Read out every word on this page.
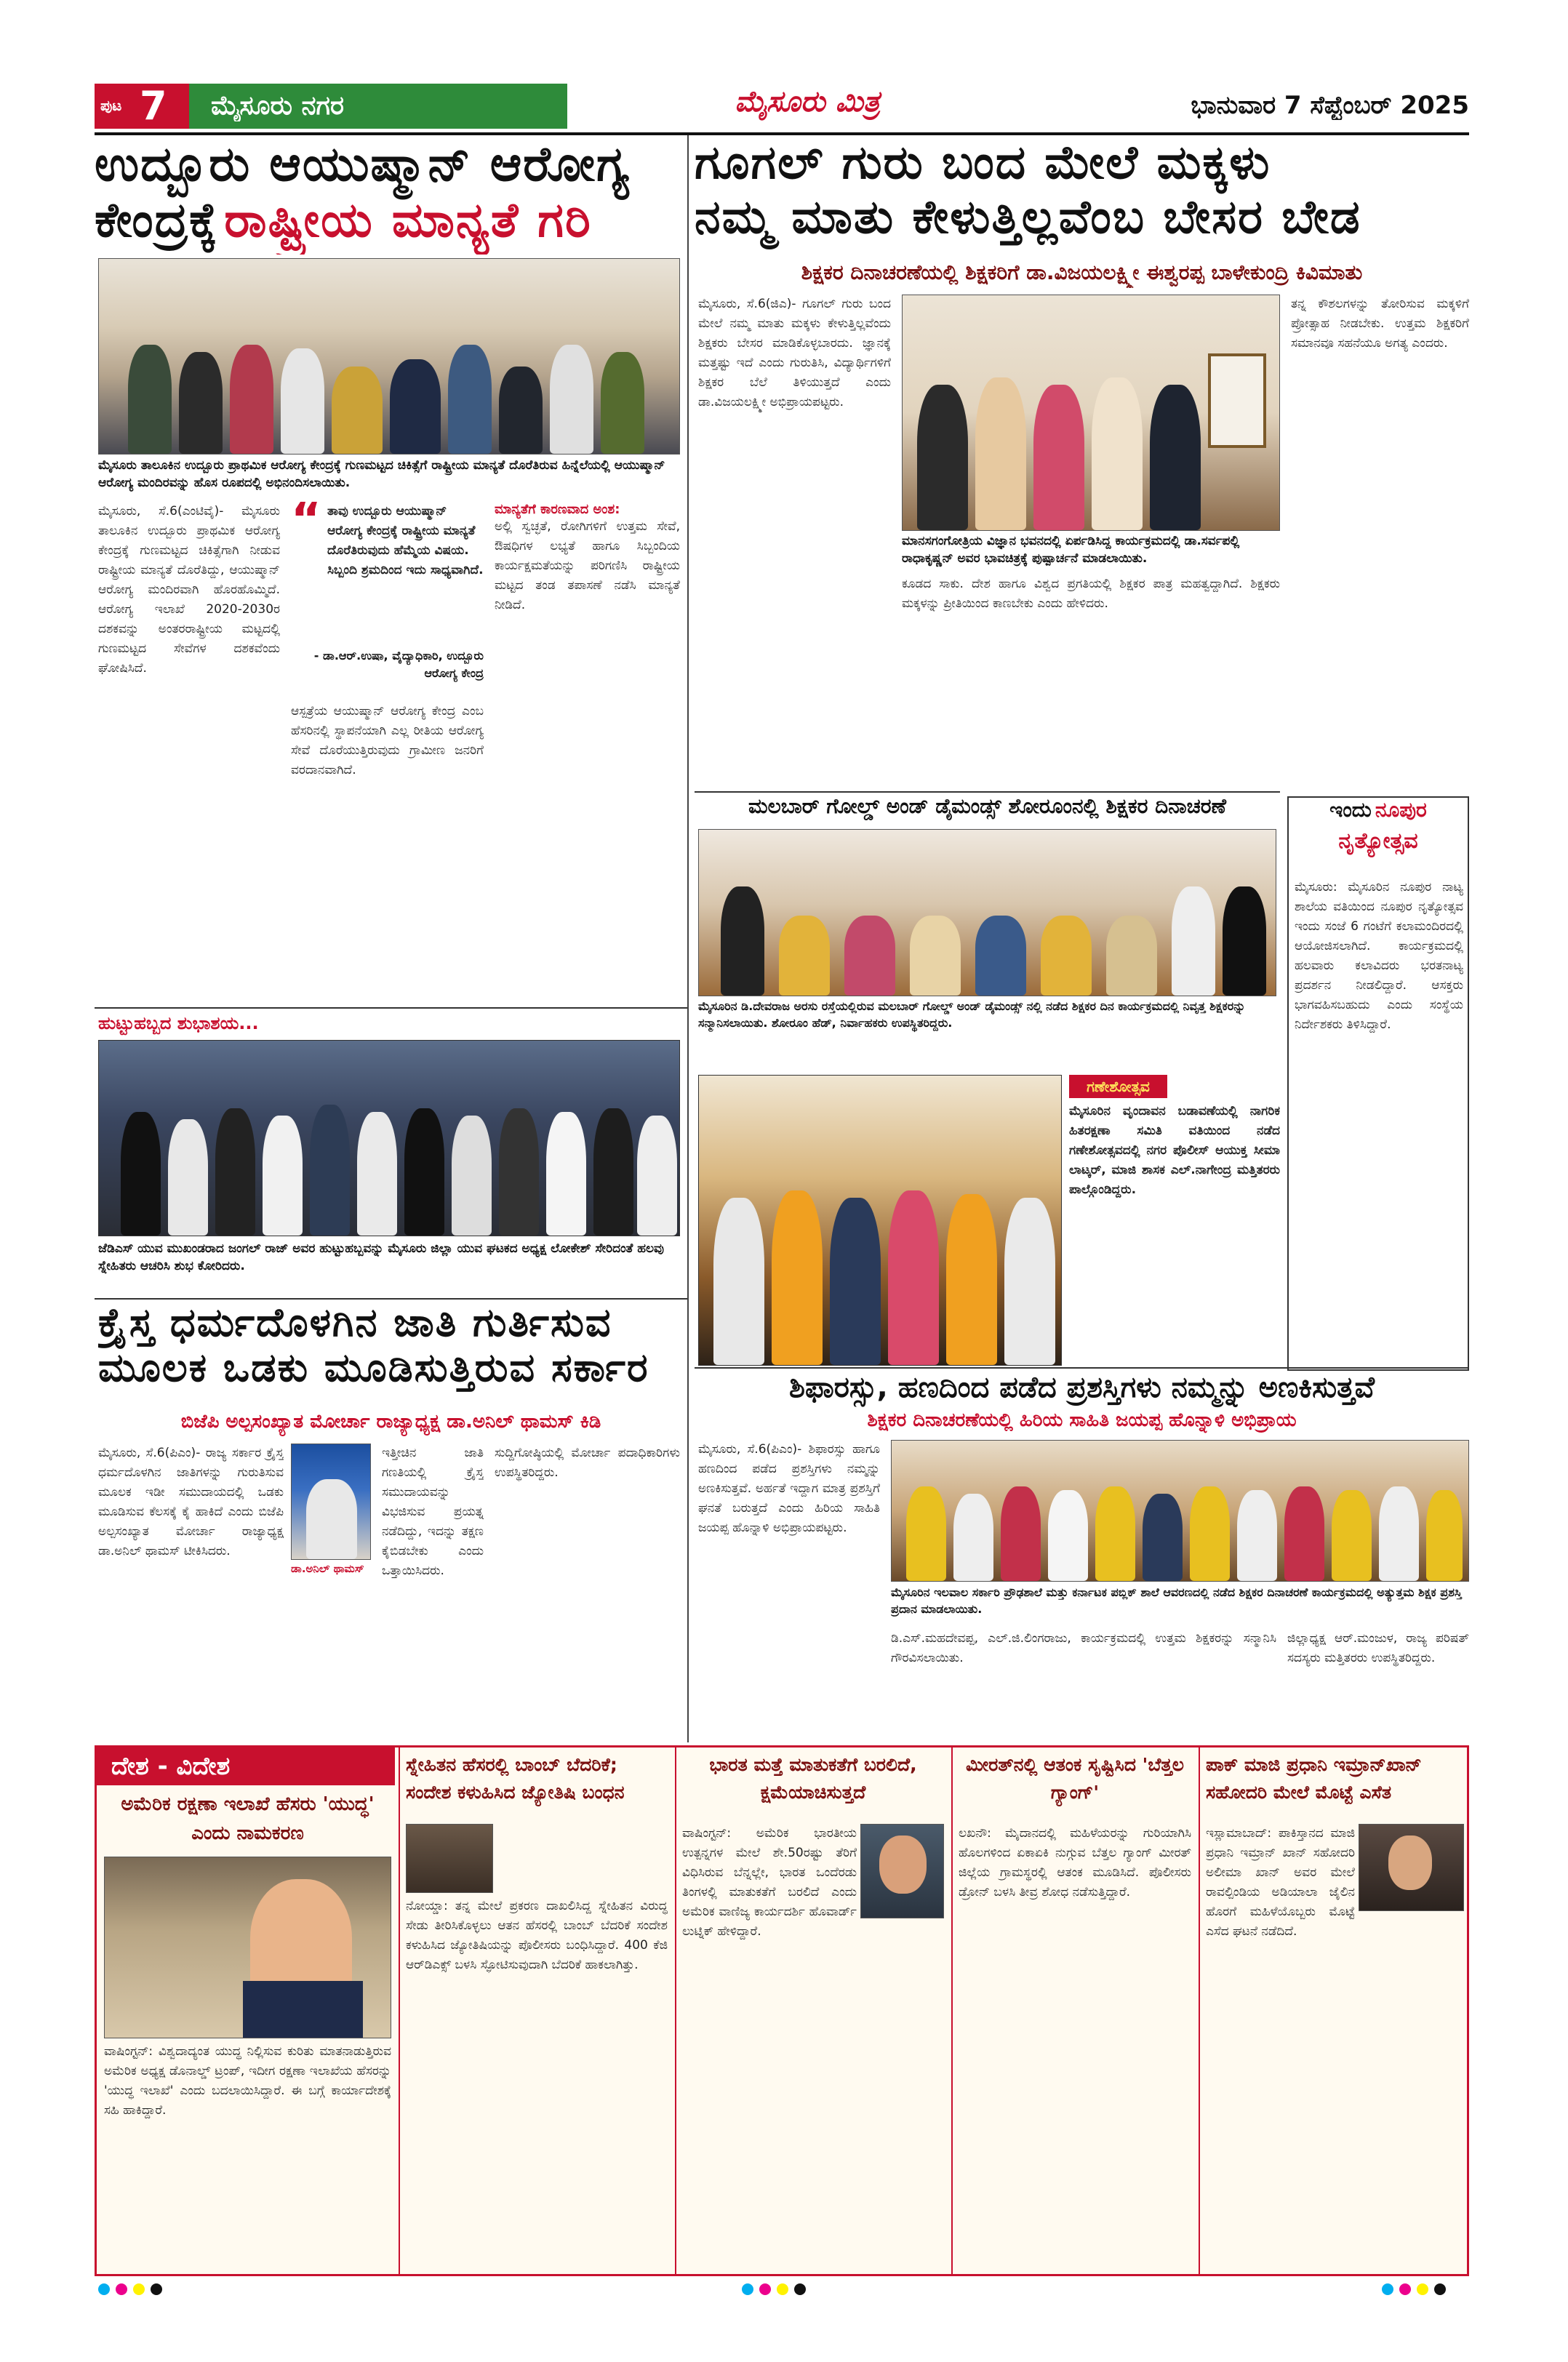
ಪುಟ 7 ಮೈಸೂರು ನಗರ	ಮೈಸೂರು ಮಿತ್ರ	ಭಾನುವಾರ 7 ಸೆಪ್ಟೆಂಬರ್ 2025
ಉದ್ಬೂರು ಆಯುಷ್ಮಾನ್ ಆರೋಗ್ಯ
ಕೇಂದ್ರಕ್ಕೆ ರಾಷ್ಟ್ರೀಯ ಮಾನ್ಯತೆ ಗರಿ
ಮೈಸೂರು ತಾಲೂಕಿನ ಉದ್ಬೂರು ಪ್ರಾಥಮಿಕ ಆರೋಗ್ಯ ಕೇಂದ್ರಕ್ಕೆ ಗುಣಮಟ್ಟದ ಚಿಕಿತ್ಸೆಗೆ ರಾಷ್ಟ್ರೀಯ ಮಾನ್ಯತೆ ದೊರೆತಿರುವ ಹಿನ್ನೆಲೆಯಲ್ಲಿ ಆಯುಷ್ಮಾನ್ ಆರೋಗ್ಯ ಮಂದಿರವನ್ನು ಹೊಸ ರೂಪದಲ್ಲಿ ಅಭಿನಂದಿಸಲಾಯಿತು.
ಮೈಸೂರು, ಸೆ.6(ಎಂಟಿವೈ)- ಮೈಸೂರು ತಾಲೂಕಿನ ಉದ್ಬೂರು ಪ್ರಾಥಮಿಕ ಆರೋಗ್ಯ ಕೇಂದ್ರಕ್ಕೆ ಗುಣಮಟ್ಟದ ಚಿಕಿತ್ಸೆಗಾಗಿ ನೀಡುವ ರಾಷ್ಟ್ರೀಯ ಮಾನ್ಯತೆ ದೊರೆತಿದ್ದು, ಆಯುಷ್ಮಾನ್ ಆರೋಗ್ಯ ಮಂದಿರವಾಗಿ ಹೊರಹೊಮ್ಮಿದೆ. ಆರೋಗ್ಯ ಇಲಾಖೆ 2020-2030ರ ದಶಕವನ್ನು ಅಂತರರಾಷ್ಟ್ರೀಯ ಮಟ್ಟದಲ್ಲಿ ಗುಣಮಟ್ಟದ ಸೇವೆಗಳ ದಶಕವೆಂದು ಘೋಷಿಸಿದೆ.
“ ತಾವು ಉದ್ಬೂರು ಆಯುಷ್ಮಾನ್ ಆರೋಗ್ಯ ಕೇಂದ್ರಕ್ಕೆ ರಾಷ್ಟ್ರೀಯ ಮಾನ್ಯತೆ ದೊರೆತಿರುವುದು ಹೆಮ್ಮೆಯ ವಿಷಯ. ಸಿಬ್ಬಂದಿ ಶ್ರಮದಿಂದ ಇದು ಸಾಧ್ಯವಾಗಿದೆ.
- ಡಾ.ಆರ್.ಉಷಾ, ವೈದ್ಯಾಧಿಕಾರಿ, ಉದ್ಬೂರು ಆರೋಗ್ಯ ಕೇಂದ್ರ
ಆಸ್ಪತ್ರೆಯ ಆಯುಷ್ಮಾನ್ ಆರೋಗ್ಯ ಕೇಂದ್ರ ಎಂಬ ಹೆಸರಿನಲ್ಲಿ ಸ್ಥಾಪನೆಯಾಗಿ ಎಲ್ಲ ರೀತಿಯ ಆರೋಗ್ಯ ಸೇವೆ ದೊರೆಯುತ್ತಿರುವುದು ಗ್ರಾಮೀಣ ಜನರಿಗೆ ವರದಾನವಾಗಿದೆ.
ಮಾನ್ಯತೆಗೆ ಕಾರಣವಾದ ಅಂಶ:
ಅಲ್ಲಿ ಸ್ವಚ್ಛತೆ, ರೋಗಿಗಳಿಗೆ ಉತ್ತಮ ಸೇವೆ, ಔಷಧಿಗಳ ಲಭ್ಯತೆ ಹಾಗೂ ಸಿಬ್ಬಂದಿಯ ಕಾರ್ಯಕ್ಷಮತೆಯನ್ನು ಪರಿಗಣಿಸಿ ರಾಷ್ಟ್ರೀಯ ಮಟ್ಟದ ತಂಡ ತಪಾಸಣೆ ನಡೆಸಿ ಮಾನ್ಯತೆ ನೀಡಿದೆ.
ಹುಟ್ಟುಹಬ್ಬದ ಶುಭಾಶಯ...
ಜೆಡಿಎಸ್ ಯುವ ಮುಖಂಡರಾದ ಜಂಗಲ್ ರಾಜ್ ಅವರ ಹುಟ್ಟುಹಬ್ಬವನ್ನು ಮೈಸೂರು ಜಿಲ್ಲಾ ಯುವ ಘಟಕದ ಅಧ್ಯಕ್ಷ ಲೋಕೇಶ್ ಸೇರಿದಂತೆ ಹಲವು ಸ್ನೇಹಿತರು ಆಚರಿಸಿ ಶುಭ ಕೋರಿದರು.
ಕ್ರೈಸ್ತ ಧರ್ಮದೊಳಗಿನ ಜಾತಿ ಗುರ್ತಿಸುವ
ಮೂಲಕ ಒಡಕು ಮೂಡಿಸುತ್ತಿರುವ ಸರ್ಕಾರ
ಬಿಜೆಪಿ ಅಲ್ಪಸಂಖ್ಯಾತ ಮೋರ್ಚಾ ರಾಜ್ಯಾಧ್ಯಕ್ಷ ಡಾ.ಅನಿಲ್ ಥಾಮಸ್ ಕಿಡಿ
ಮೈಸೂರು, ಸೆ.6(ಪಿಎಂ)- ರಾಜ್ಯ ಸರ್ಕಾರ ಕ್ರೈಸ್ತ ಧರ್ಮದೊಳಗಿನ ಜಾತಿಗಳನ್ನು ಗುರುತಿಸುವ ಮೂಲಕ ಇಡೀ ಸಮುದಾಯದಲ್ಲಿ ಒಡಕು ಮೂಡಿಸುವ ಕೆಲಸಕ್ಕೆ ಕೈ ಹಾಕಿದೆ ಎಂದು ಬಿಜೆಪಿ ಅಲ್ಪಸಂಖ್ಯಾತ ಮೋರ್ಚಾ ರಾಜ್ಯಾಧ್ಯಕ್ಷ ಡಾ.ಅನಿಲ್ ಥಾಮಸ್ ಟೀಕಿಸಿದರು.
ಡಾ.ಅನಿಲ್ ಥಾಮಸ್
ಇತ್ತೀಚಿನ ಜಾತಿ ಗಣತಿಯಲ್ಲಿ ಕ್ರೈಸ್ತ ಸಮುದಾಯವನ್ನು ವಿಭಜಿಸುವ ಪ್ರಯತ್ನ ನಡೆದಿದ್ದು, ಇದನ್ನು ತಕ್ಷಣ ಕೈಬಿಡಬೇಕು ಎಂದು ಒತ್ತಾಯಿಸಿದರು.
ಸುದ್ದಿಗೋಷ್ಠಿಯಲ್ಲಿ ಮೋರ್ಚಾ ಪದಾಧಿಕಾರಿಗಳು ಉಪಸ್ಥಿತರಿದ್ದರು.
ಗೂಗಲ್ ಗುರು ಬಂದ ಮೇಲೆ ಮಕ್ಕಳು
ನಮ್ಮ ಮಾತು ಕೇಳುತ್ತಿಲ್ಲವೆಂಬ ಬೇಸರ ಬೇಡ
ಶಿಕ್ಷಕರ ದಿನಾಚರಣೆಯಲ್ಲಿ ಶಿಕ್ಷಕರಿಗೆ ಡಾ.ವಿಜಯಲಕ್ಷ್ಮೀ ಈಶ್ವರಪ್ಪ ಬಾಳೇಕುಂದ್ರಿ ಕಿವಿಮಾತು
ಮೈಸೂರು, ಸೆ.6(ಜಿಎ)- ಗೂಗಲ್ ಗುರು ಬಂದ ಮೇಲೆ ನಮ್ಮ ಮಾತು ಮಕ್ಕಳು ಕೇಳುತ್ತಿಲ್ಲವೆಂದು ಶಿಕ್ಷಕರು ಬೇಸರ ಮಾಡಿಕೊಳ್ಳಬಾರದು. ಜ್ಞಾನಕ್ಕೆ ಮತ್ತಷ್ಟು ಇದೆ ಎಂದು ಗುರುತಿಸಿ, ವಿದ್ಯಾರ್ಥಿಗಳಿಗೆ ಶಿಕ್ಷಕರ ಬೆಲೆ ತಿಳಿಯುತ್ತದೆ ಎಂದು ಡಾ.ವಿಜಯಲಕ್ಷ್ಮೀ ಅಭಿಪ್ರಾಯಪಟ್ಟರು.
ಮಾನಸಗಂಗೋತ್ರಿಯ ವಿಜ್ಞಾನ ಭವನದಲ್ಲಿ ಏರ್ಪಡಿಸಿದ್ದ ಕಾರ್ಯಕ್ರಮದಲ್ಲಿ ಡಾ.ಸರ್ವಪಲ್ಲಿ ರಾಧಾಕೃಷ್ಣನ್ ಅವರ ಭಾವಚಿತ್ರಕ್ಕೆ ಪುಷ್ಪಾರ್ಚನೆ ಮಾಡಲಾಯಿತು.
ಕೂಡದ ಸಾಕು. ದೇಶ ಹಾಗೂ ವಿಶ್ವದ ಪ್ರಗತಿಯಲ್ಲಿ ಶಿಕ್ಷಕರ ಪಾತ್ರ ಮಹತ್ವದ್ದಾಗಿದೆ. ಶಿಕ್ಷಕರು ಮಕ್ಕಳನ್ನು ಪ್ರೀತಿಯಿಂದ ಕಾಣಬೇಕು ಎಂದು ಹೇಳಿದರು.
ತನ್ನ ಕೌಶಲಗಳನ್ನು ತೋರಿಸುವ ಮಕ್ಕಳಿಗೆ ಪ್ರೋತ್ಸಾಹ ನೀಡಬೇಕು. ಉತ್ತಮ ಶಿಕ್ಷಕರಿಗೆ ಸಮಾನವೂ ಸಹನೆಯೂ ಅಗತ್ಯ ಎಂದರು.
ಮಲಬಾರ್ ಗೋಲ್ಡ್ ಅಂಡ್ ಡೈಮಂಡ್ಸ್ ಶೋರೂಂನಲ್ಲಿ ಶಿಕ್ಷಕರ ದಿನಾಚರಣೆ
ಮೈಸೂರಿನ ಡಿ.ದೇವರಾಜ ಅರಸು ರಸ್ತೆಯಲ್ಲಿರುವ ಮಲಬಾರ್ ಗೋಲ್ಡ್ ಅಂಡ್ ಡೈಮಂಡ್ಸ್ ನಲ್ಲಿ ನಡೆದ ಶಿಕ್ಷಕರ ದಿನ ಕಾರ್ಯಕ್ರಮದಲ್ಲಿ ನಿವೃತ್ತ ಶಿಕ್ಷಕರನ್ನು ಸನ್ಮಾನಿಸಲಾಯಿತು. ಶೋರೂಂ ಹೆಡ್, ನಿರ್ವಾಹಕರು ಉಪಸ್ಥಿತರಿದ್ದರು.
ಇಂದು ನೂಪುರ
ನೃತ್ಯೋತ್ಸವ
ಮೈಸೂರು: ಮೈಸೂರಿನ ನೂಪುರ ನಾಟ್ಯ ಶಾಲೆಯ ವತಿಯಿಂದ ನೂಪುರ ನೃತ್ಯೋತ್ಸವ ಇಂದು ಸಂಜೆ 6 ಗಂಟೆಗೆ ಕಲಾಮಂದಿರದಲ್ಲಿ ಆಯೋಜಿಸಲಾಗಿದೆ. ಕಾರ್ಯಕ್ರಮದಲ್ಲಿ ಹಲವಾರು ಕಲಾವಿದರು ಭರತನಾಟ್ಯ ಪ್ರದರ್ಶನ ನೀಡಲಿದ್ದಾರೆ. ಆಸಕ್ತರು ಭಾಗವಹಿಸಬಹುದು ಎಂದು ಸಂಸ್ಥೆಯ ನಿರ್ದೇಶಕರು ತಿಳಿಸಿದ್ದಾರೆ.
ಗಣೇಶೋತ್ಸವ
ಮೈಸೂರಿನ ವೃಂದಾವನ ಬಡಾವಣೆಯಲ್ಲಿ ನಾಗರಿಕ ಹಿತರಕ್ಷಣಾ ಸಮಿತಿ ವತಿಯಿಂದ ನಡೆದ ಗಣೇಶೋತ್ಸವದಲ್ಲಿ ನಗರ ಪೊಲೀಸ್ ಆಯುಕ್ತ ಸೀಮಾ ಲಾಟ್ಕರ್, ಮಾಜಿ ಶಾಸಕ ಎಲ್.ನಾಗೇಂದ್ರ ಮತ್ತಿತರರು ಪಾಲ್ಗೊಂಡಿದ್ದರು.
ಶಿಫಾರಸ್ಸು, ಹಣದಿಂದ ಪಡೆದ ಪ್ರಶಸ್ತಿಗಳು ನಮ್ಮನ್ನು ಅಣಕಿಸುತ್ತವೆ
ಶಿಕ್ಷಕರ ದಿನಾಚರಣೆಯಲ್ಲಿ ಹಿರಿಯ ಸಾಹಿತಿ ಜಯಪ್ಪ ಹೊನ್ನಾಳಿ ಅಭಿಪ್ರಾಯ
ಮೈಸೂರು, ಸೆ.6(ಪಿಎಂ)- ಶಿಫಾರಸ್ಸು ಹಾಗೂ ಹಣದಿಂದ ಪಡೆದ ಪ್ರಶಸ್ತಿಗಳು ನಮ್ಮನ್ನು ಅಣಕಿಸುತ್ತವೆ. ಅರ್ಹತೆ ಇದ್ದಾಗ ಮಾತ್ರ ಪ್ರಶಸ್ತಿಗೆ ಘನತೆ ಬರುತ್ತದೆ ಎಂದು ಹಿರಿಯ ಸಾಹಿತಿ ಜಯಪ್ಪ ಹೊನ್ನಾಳಿ ಅಭಿಪ್ರಾಯಪಟ್ಟರು.
ಮೈಸೂರಿನ ಇಲವಾಲ ಸರ್ಕಾರಿ ಪ್ರೌಢಶಾಲೆ ಮತ್ತು ಕರ್ನಾಟಕ ಪಬ್ಲಿಕ್ ಶಾಲೆ ಆವರಣದಲ್ಲಿ ನಡೆದ ಶಿಕ್ಷಕರ ದಿನಾಚರಣೆ ಕಾರ್ಯಕ್ರಮದಲ್ಲಿ ಅತ್ಯುತ್ತಮ ಶಿಕ್ಷಕ ಪ್ರಶಸ್ತಿ ಪ್ರದಾನ ಮಾಡಲಾಯಿತು.
ಡಿ.ಎಸ್.ಮಹದೇವಪ್ಪ, ಎಲ್.ಜಿ.ಲಿಂಗರಾಜು, ಕಾರ್ಯಕ್ರಮದಲ್ಲಿ ಉತ್ತಮ ಶಿಕ್ಷಕರನ್ನು ಸನ್ಮಾನಿಸಿ ಗೌರವಿಸಲಾಯಿತು.
ಜಿಲ್ಲಾಧ್ಯಕ್ಷ ಆರ್.ಮಂಜುಳ, ರಾಜ್ಯ ಪರಿಷತ್ ಸದಸ್ಯರು ಮತ್ತಿತರರು ಉಪಸ್ಥಿತರಿದ್ದರು.
ದೇಶ - ವಿದೇಶ
ಅಮೆರಿಕ ರಕ್ಷಣಾ ಇಲಾಖೆ ಹೆಸರು 'ಯುದ್ಧ' ಎಂದು ನಾಮಕರಣ
ವಾಷಿಂಗ್ಟನ್: ವಿಶ್ವದಾದ್ಯಂತ ಯುದ್ಧ ನಿಲ್ಲಿಸುವ ಕುರಿತು ಮಾತನಾಡುತ್ತಿರುವ ಅಮೆರಿಕ ಅಧ್ಯಕ್ಷ ಡೊನಾಲ್ಡ್ ಟ್ರಂಪ್, ಇದೀಗ ರಕ್ಷಣಾ ಇಲಾಖೆಯ ಹೆಸರನ್ನು 'ಯುದ್ಧ ಇಲಾಖೆ' ಎಂದು ಬದಲಾಯಿಸಿದ್ದಾರೆ. ಈ ಬಗ್ಗೆ ಕಾರ್ಯಾದೇಶಕ್ಕೆ ಸಹಿ ಹಾಕಿದ್ದಾರೆ.
ಸ್ನೇಹಿತನ ಹೆಸರಲ್ಲಿ ಬಾಂಬ್ ಬೆದರಿಕೆ; ಸಂದೇಶ ಕಳುಹಿಸಿದ ಜ್ಯೋತಿಷಿ ಬಂಧನ
ನೋಯ್ಡಾ: ತನ್ನ ಮೇಲೆ ಪ್ರಕರಣ ದಾಖಲಿಸಿದ್ದ ಸ್ನೇಹಿತನ ವಿರುದ್ಧ ಸೇಡು ತೀರಿಸಿಕೊಳ್ಳಲು ಆತನ ಹೆಸರಲ್ಲಿ ಬಾಂಬ್ ಬೆದರಿಕೆ ಸಂದೇಶ ಕಳುಹಿಸಿದ ಜ್ಯೋತಿಷಿಯನ್ನು ಪೊಲೀಸರು ಬಂಧಿಸಿದ್ದಾರೆ. 400 ಕೆಜಿ ಆರ್‌ಡಿಎಕ್ಸ್ ಬಳಸಿ ಸ್ಫೋಟಿಸುವುದಾಗಿ ಬೆದರಿಕೆ ಹಾಕಲಾಗಿತ್ತು.
ಭಾರತ ಮತ್ತೆ ಮಾತುಕತೆಗೆ ಬರಲಿದೆ, ಕ್ಷಮೆಯಾಚಿಸುತ್ತದೆ
ವಾಷಿಂಗ್ಟನ್: ಅಮೆರಿಕ ಭಾರತೀಯ ಉತ್ಪನ್ನಗಳ ಮೇಲೆ ಶೇ.50ರಷ್ಟು ತೆರಿಗೆ ವಿಧಿಸಿರುವ ಬೆನ್ನಲ್ಲೇ, ಭಾರತ ಒಂದೆರಡು ತಿಂಗಳಲ್ಲಿ ಮಾತುಕತೆಗೆ ಬರಲಿದೆ ಎಂದು ಅಮೆರಿಕ ವಾಣಿಜ್ಯ ಕಾರ್ಯದರ್ಶಿ ಹೊವಾರ್ಡ್ ಲುಟ್ನಿಕ್ ಹೇಳಿದ್ದಾರೆ.
ಮೀರತ್‌ನಲ್ಲಿ ಆತಂಕ ಸೃಷ್ಟಿಸಿದ 'ಬೆತ್ತಲ ಗ್ಯಾಂಗ್'
ಲಖನೌ: ಮೈದಾನದಲ್ಲಿ ಮಹಿಳೆಯರನ್ನು ಗುರಿಯಾಗಿಸಿ ಹೊಲಗಳಿಂದ ಏಕಾಏಕಿ ನುಗ್ಗುವ ಬೆತ್ತಲ ಗ್ಯಾಂಗ್ ಮೀರತ್ ಜಿಲ್ಲೆಯ ಗ್ರಾಮಸ್ಥರಲ್ಲಿ ಆತಂಕ ಮೂಡಿಸಿದೆ. ಪೊಲೀಸರು ಡ್ರೋನ್ ಬಳಸಿ ತೀವ್ರ ಶೋಧ ನಡೆಸುತ್ತಿದ್ದಾರೆ.
ಪಾಕ್ ಮಾಜಿ ಪ್ರಧಾನಿ ಇಮ್ರಾನ್‌ಖಾನ್ ಸಹೋದರಿ ಮೇಲೆ ಮೊಟ್ಟೆ ಎಸೆತ
ಇಸ್ಲಾಮಾಬಾದ್: ಪಾಕಿಸ್ತಾನದ ಮಾಜಿ ಪ್ರಧಾನಿ ಇಮ್ರಾನ್ ಖಾನ್ ಸಹೋದರಿ ಅಲೀಮಾ ಖಾನ್ ಅವರ ಮೇಲೆ ರಾವಲ್ಪಿಂಡಿಯ ಅಡಿಯಾಲಾ ಜೈಲಿನ ಹೊರಗೆ ಮಹಿಳೆಯೊಬ್ಬರು ಮೊಟ್ಟೆ ಎಸೆದ ಘಟನೆ ನಡೆದಿದೆ.
